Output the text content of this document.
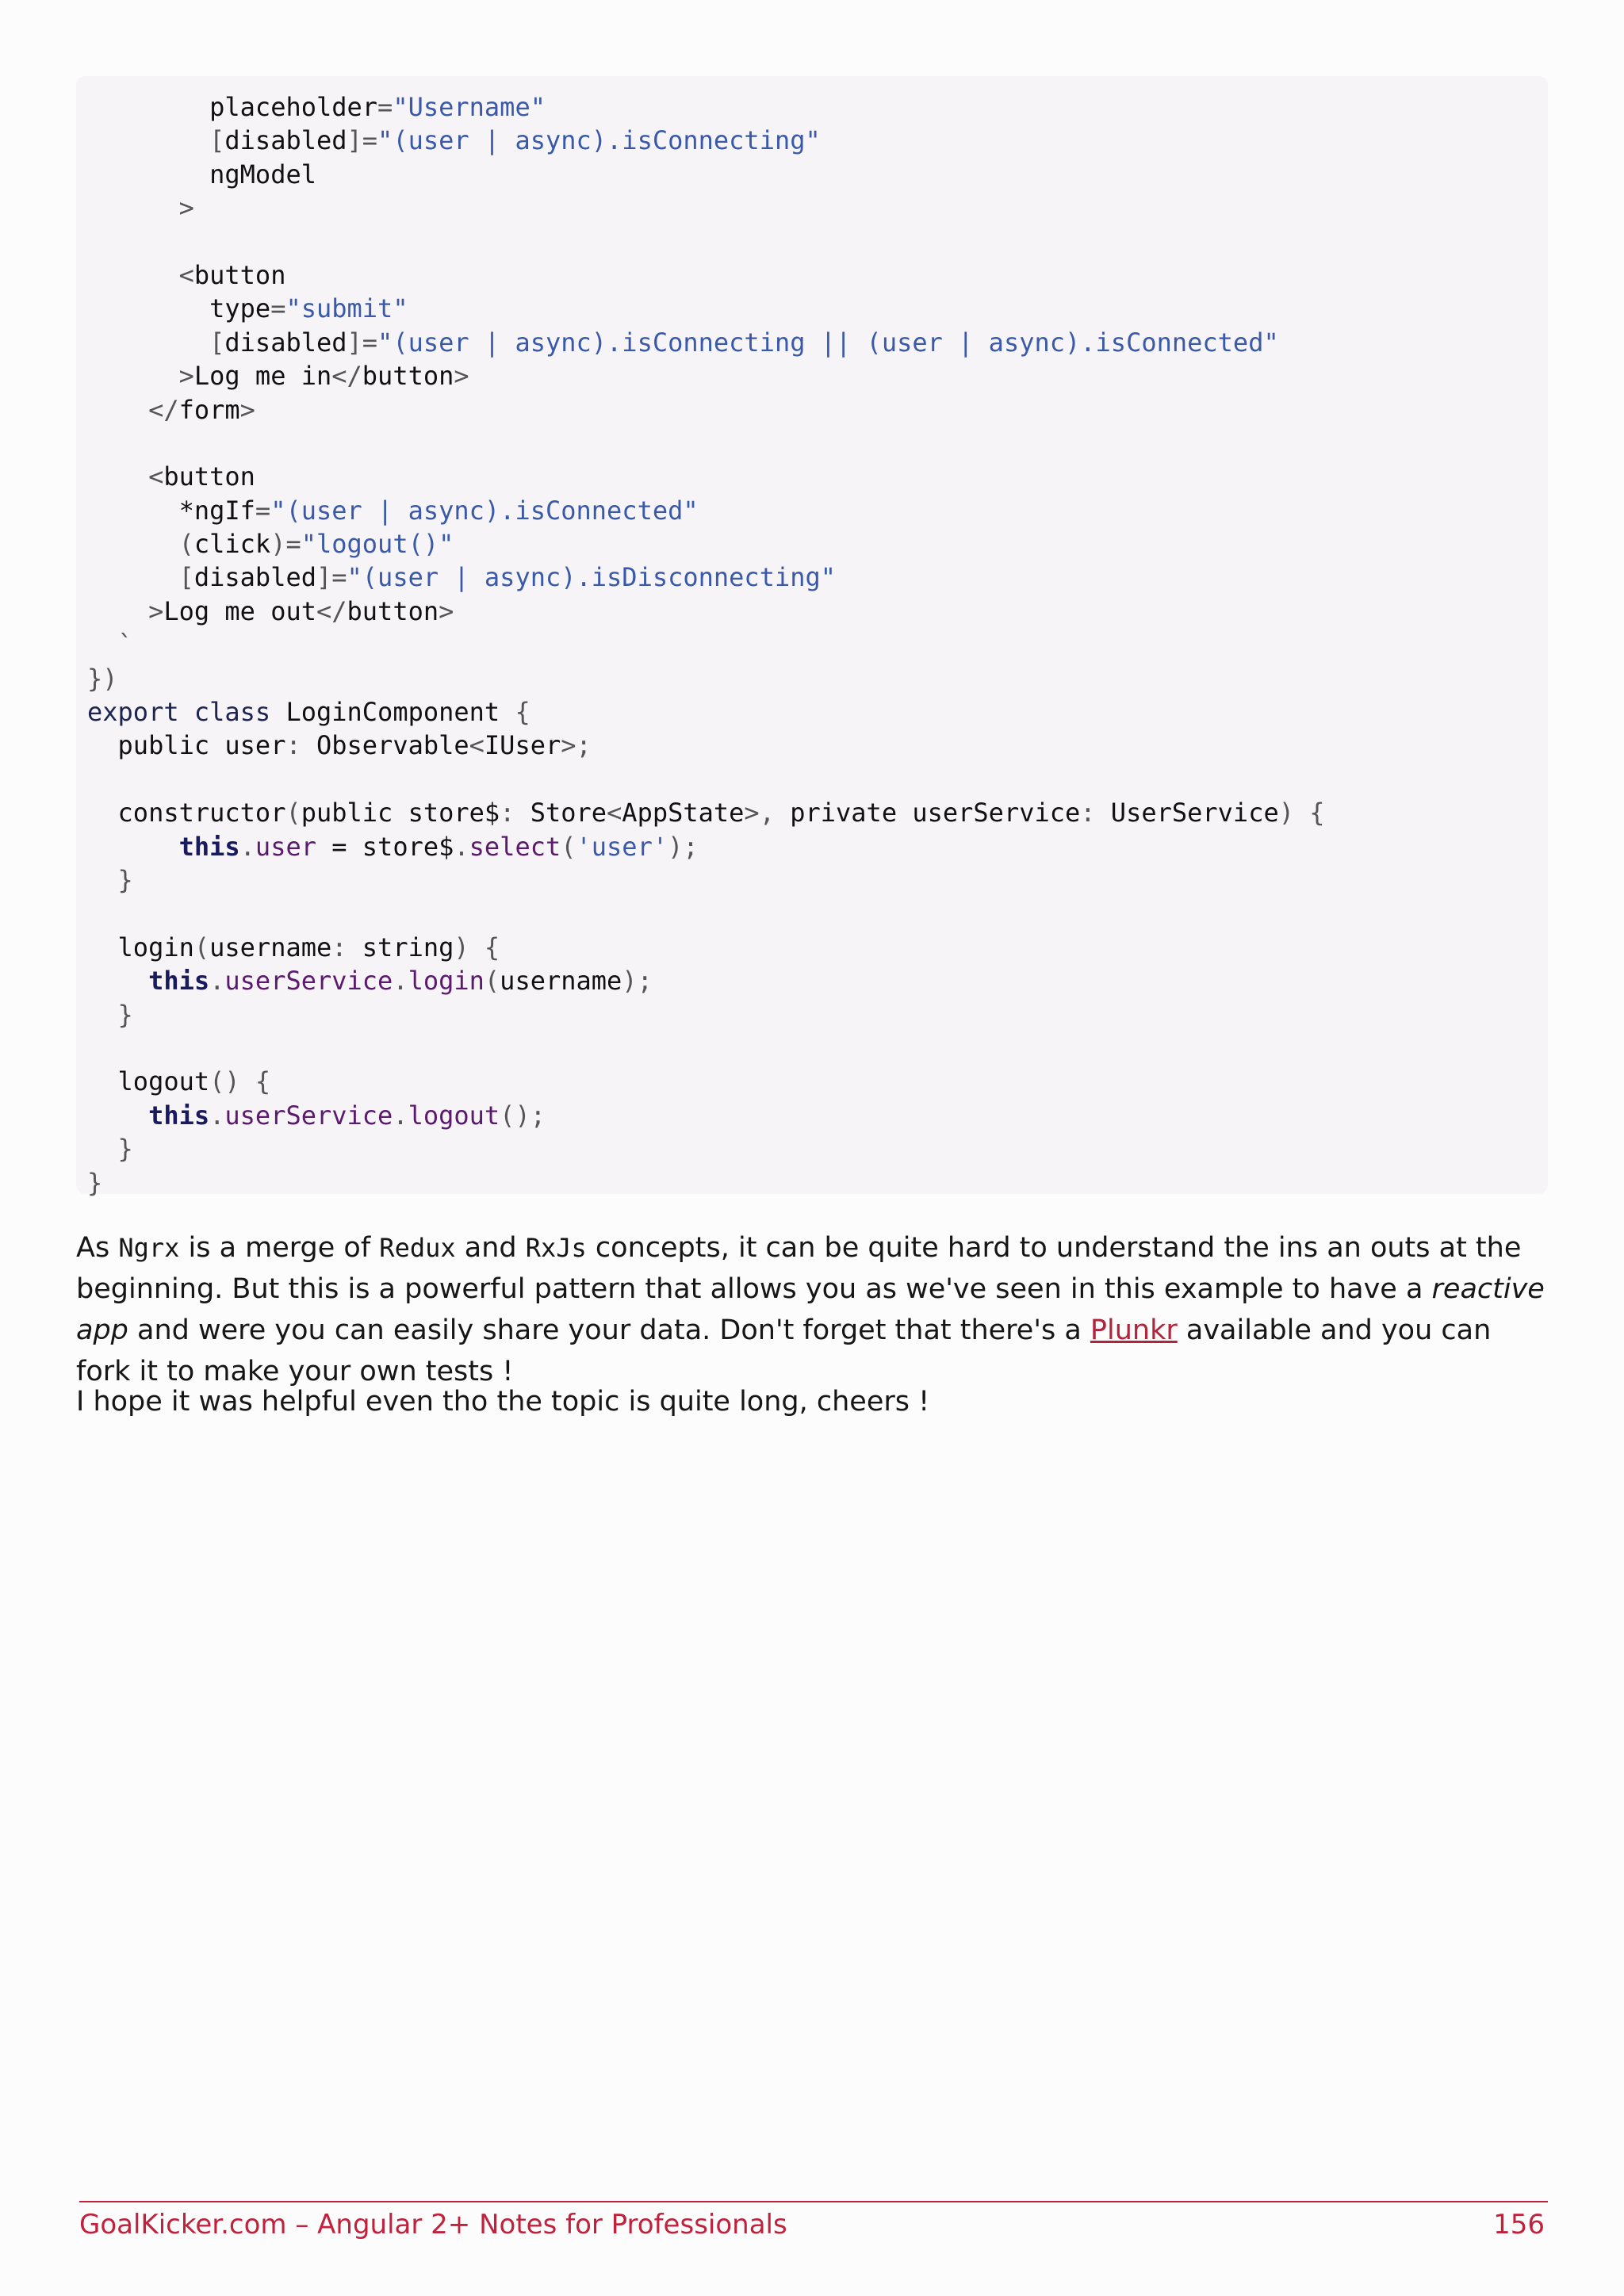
placeholder="Username"
[disabled]="(user | async).isConnecting"
ngModel
>
<button
type="submit"
[disabled]="(user | async).isConnecting || (user | async).isConnected"
>Log me in</button>
</form>
<button
*ngIf="(user | async).isConnected"
(click)="logout()"
[disabled]="(user | async).isDisconnecting"
>Log me out</button>
`
})
export class LoginComponent {
public user: Observable<IUser>;
constructor(public store$: Store<AppState>, private userService: UserService) {
this.user = store$.select('user');
}
login(username: string) {
this.userService.login(username);
}
logout() {
this.userService.logout();
}
}

As Ngrx is a merge of Redux and RxJs concepts, it can be quite hard to understand the ins an outs at the beginning. But this is a powerful pattern that allows you as we've seen in this example to have a reactive app and were you can easily share your data. Don't forget that there's a Plunkr available and you can fork it to make your own tests !

I hope it was helpful even tho the topic is quite long, cheers !

GoalKicker.com – Angular 2+ Notes for Professionals	156
